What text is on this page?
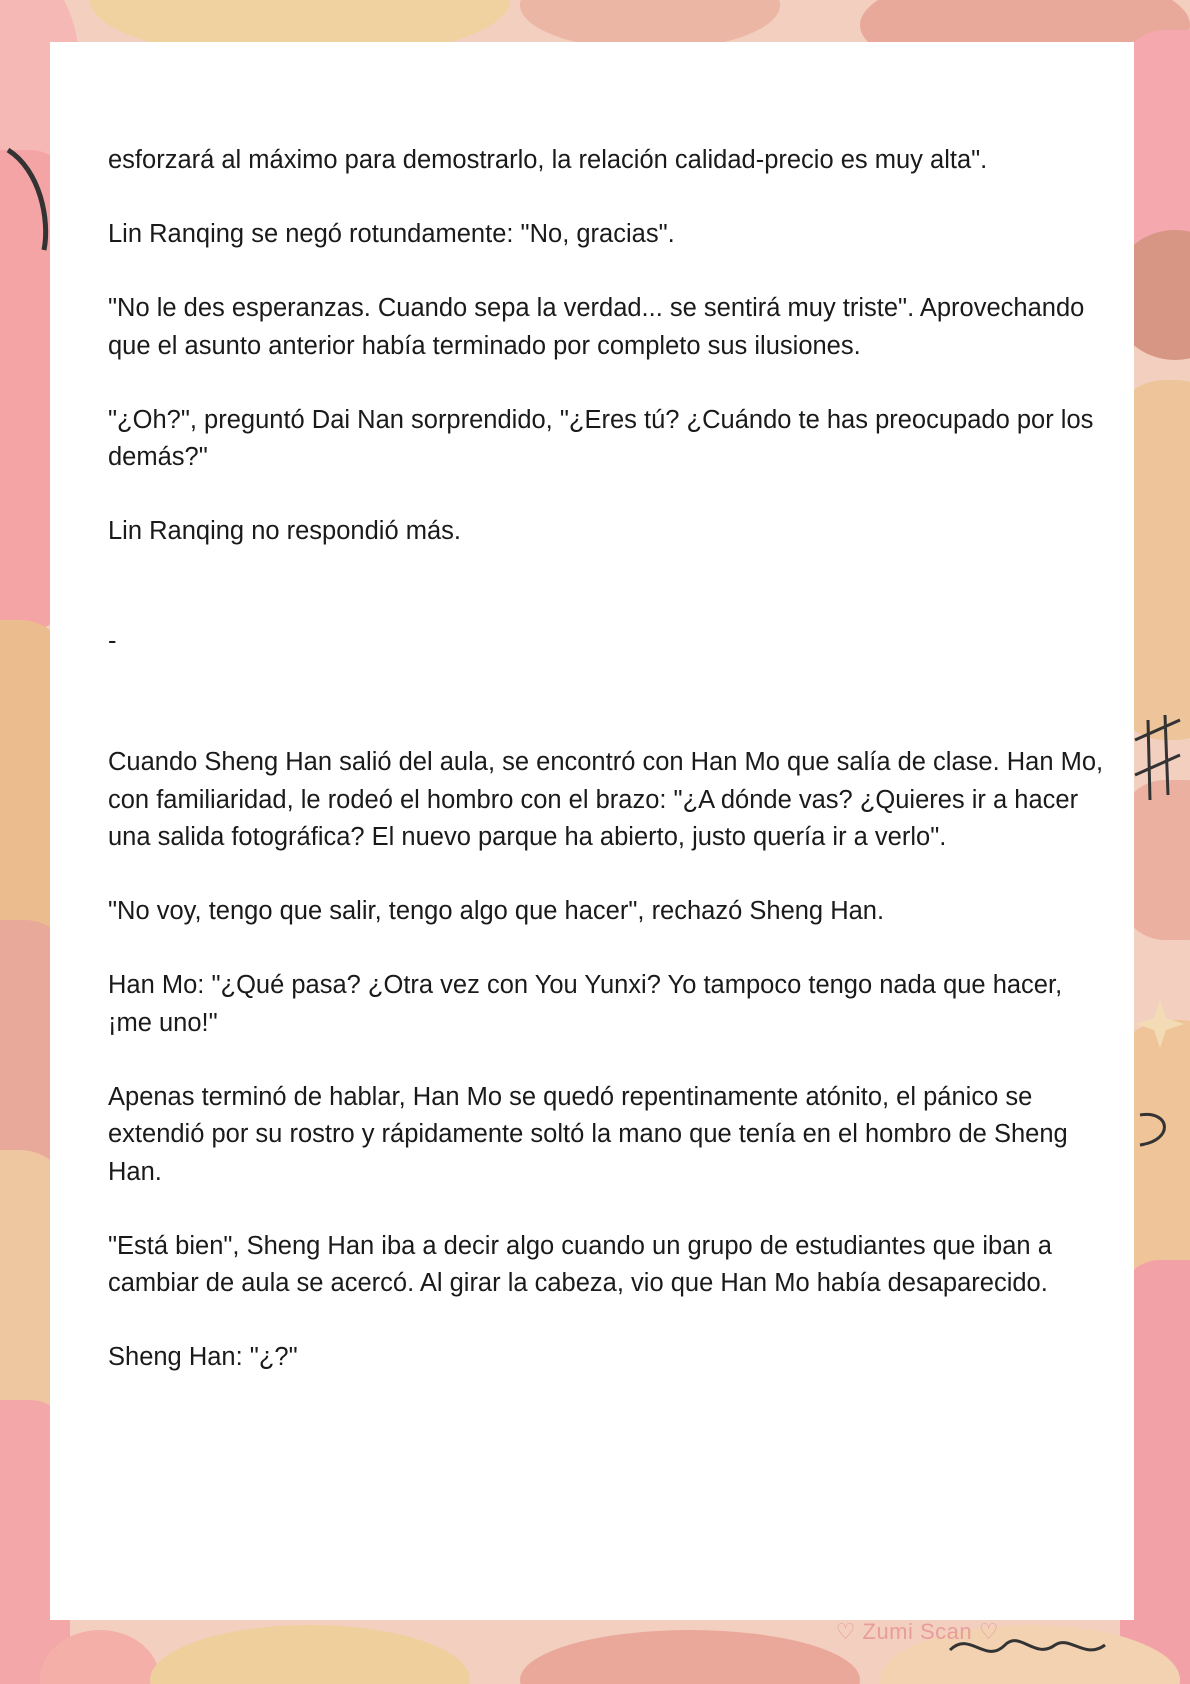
esforzará al máximo para demostrarlo, la relación calidad-precio es muy alta".

Lin Ranqing se negó rotundamente: "No, gracias".

"No le des esperanzas. Cuando sepa la verdad... se sentirá muy triste". Aprovechando que el asunto anterior había terminado por completo sus ilusiones.

"¿Oh?", preguntó Dai Nan sorprendido, "¿Eres tú? ¿Cuándo te has preocupado por los demás?"

Lin Ranqing no respondió más.

-

Cuando Sheng Han salió del aula, se encontró con Han Mo que salía de clase. Han Mo, con familiaridad, le rodeó el hombro con el brazo: "¿A dónde vas? ¿Quieres ir a hacer una salida fotográfica? El nuevo parque ha abierto, justo quería ir a verlo".

"No voy, tengo que salir, tengo algo que hacer", rechazó Sheng Han.

Han Mo: "¿Qué pasa? ¿Otra vez con You Yunxi? Yo tampoco tengo nada que hacer, ¡me uno!"

Apenas terminó de hablar, Han Mo se quedó repentinamente atónito, el pánico se extendió por su rostro y rápidamente soltó la mano que tenía en el hombro de Sheng Han.

"Está bien", Sheng Han iba a decir algo cuando un grupo de estudiantes que iban a cambiar de aula se acercó. Al girar la cabeza, vio que Han Mo había desaparecido.

Sheng Han: "¿?"

♡ Zumi Scan ♡
